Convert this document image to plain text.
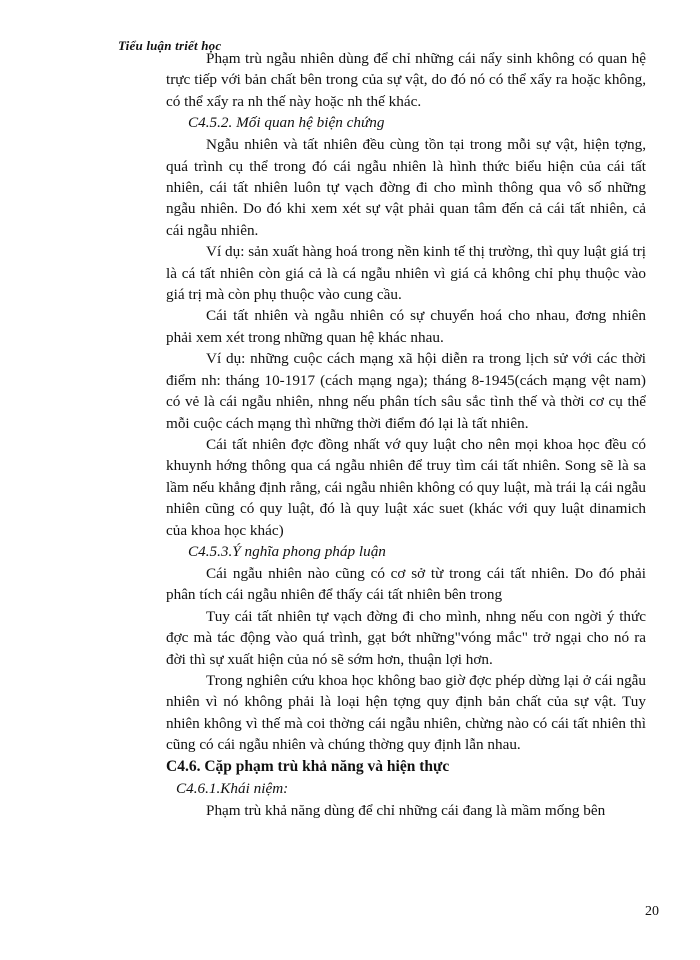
Tiểu luận triết học

Phạm trù ngẫu nhiên dùng để chỉ những cái nẩy sinh không có quan hệ trực tiếp với bản chất bên trong của sự vật, do đó nó có thể xẩy ra hoặc không, có thể xẩy ra nh thế này hoặc nh thế khác.

C4.5.2. Mối quan hệ biện chứng

Ngẫu nhiên và tất nhiên đều cùng tồn tại trong mỗi sự vật, hiện tợng, quá trình cụ thể trong đó cái ngẫu nhiên là hình thức biểu hiện của cái tất nhiên, cái tất nhiên luôn tự vạch đờng đi cho mình thông qua vô số những ngẫu nhiên. Do đó khi xem xét sự vật phải quan tâm đến cả cái tất nhiên, cả cái ngẫu nhiên.

Ví dụ: sản xuất hàng hoá trong nền kinh tế thị trường, thì quy luật giá trị là cá tất nhiên còn giá cả là cá ngẫu nhiên vì giá cả không chỉ phụ thuộc vào giá trị mà còn phụ thuộc vào cung cầu.

Cái tất nhiên và ngẫu nhiên có sự chuyển hoá cho nhau, đơng nhiên phải xem xét trong những quan hệ khác nhau.

Ví dụ: những cuộc cách mạng xã hội diễn ra trong lịch sử với các thời điểm nh: tháng 10-1917 (cách mạng nga); tháng 8-1945(cách mạng vệt nam) có vẻ là cái ngẫu nhiên, nhng nếu phân tích sâu sắc tình thế và thời cơ cụ thể mỗi cuộc cách mạng thì những thời điểm đó lại là tất nhiên.

Cái tất nhiên đợc đồng nhất vớ quy luật cho nên mọi khoa học đều có khuynh hớng thông qua cá ngẫu nhiên để truy tìm cái tất nhiên. Song sẽ là sa lầm nếu khẳng định rằng, cái ngẫu nhiên không có quy luật, mà trái lạ cái ngẫu nhiên cũng có quy luật, đó là quy luật xác suet (khác với quy luật dinamich của khoa học khác)

C4.5.3.Ý nghĩa phong pháp luận

Cái ngẫu nhiên nào cũng có cơ sở từ trong cái tất nhiên. Do đó phải phân tích cái ngẫu nhiên để thấy cái tất nhiên bên trong

Tuy cái tất nhiên tự vạch đờng đi cho mình, nhng nếu con ngời ý thức đợc mà tác động vào quá trình, gạt bớt những"vóng mắc" trở ngại cho nó ra đời thì sự xuất hiện của nó sẽ sớm hơn, thuận lợi hơn.

Trong nghiên cứu khoa học không bao giờ đợc phép dừng lại ở cái ngẫu nhiên vì nó không phải là loại hện tợng quy định bản chất của sự vật. Tuy nhiên không vì thế mà coi thờng cái ngẫu nhiên, chừng nào có cái tất nhiên thì cũng có cái ngẫu nhiên và chúng thờng quy định lẫn nhau.

C4.6. Cặp phạm trù khả năng và hiện thực

C4.6.1.Khái niệm:

Phạm trù khả năng dùng để chỉ những cái đang là mầm mống bên

20
